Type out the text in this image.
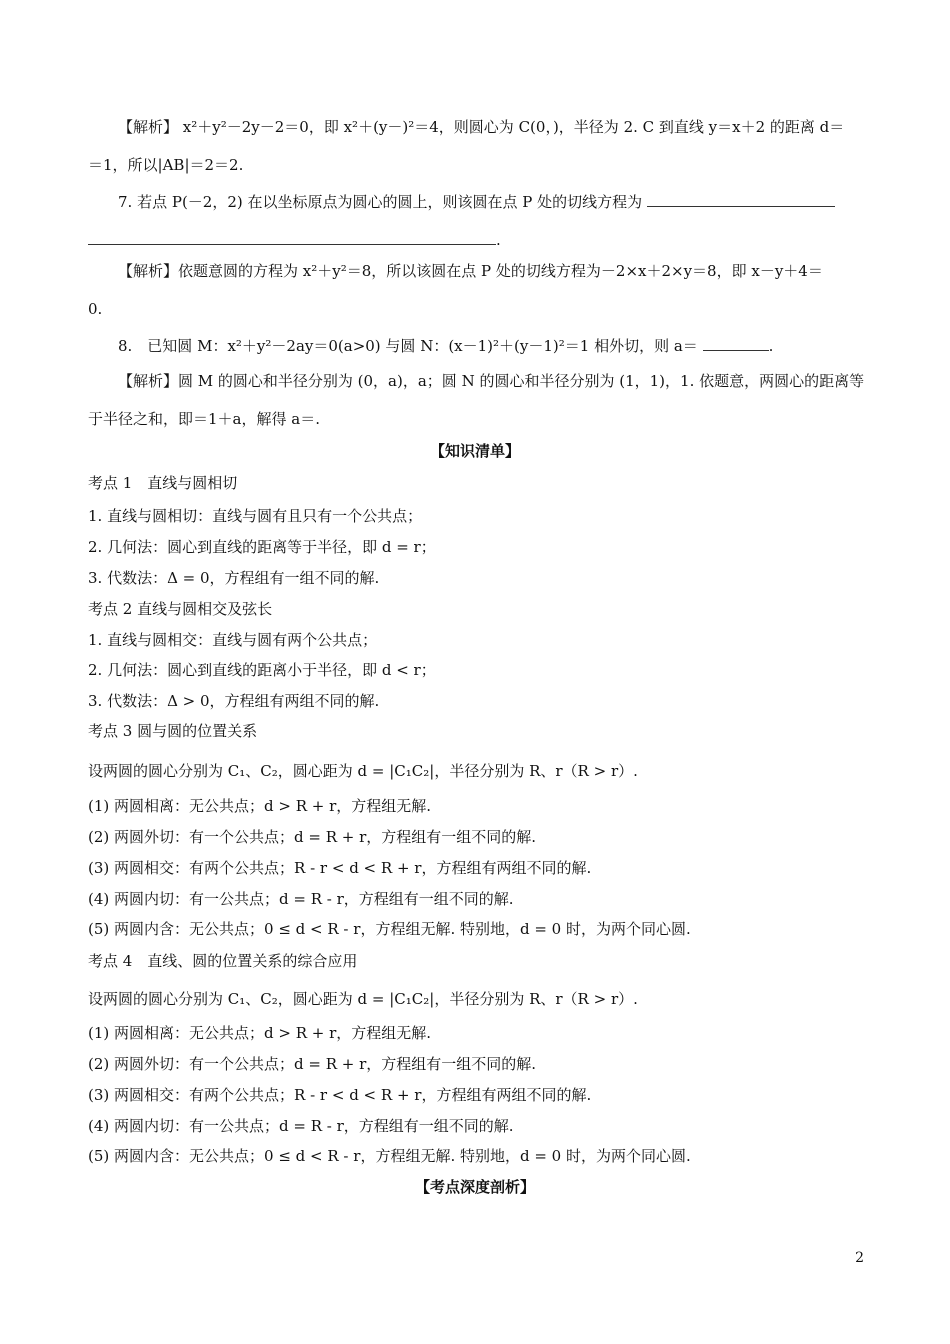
【解析】 x²＋y²－2y－2＝0，即 x²＋(y－)²＝4，则圆心为 C(0，)，半径为 2. C 到直线 y＝x＋2 的距离 d＝
＝1，所以|AB|＝2＝2.
7. 若点 P(－2，2) 在以坐标原点为圆心的圆上，则该圆在点 P 处的切线方程为
.
【解析】依题意圆的方程为 x²＋y²＝8，所以该圆在点 P 处的切线方程为－2×x＋2×y＝8，即 x－y＋4＝
0.
8.　已知圆 M：x²＋y²－2ay＝0(a>0) 与圆 N：(x－1)²＋(y－1)²＝1 相外切，则 a＝	.
【解析】圆 M 的圆心和半径分别为 (0，a)，a；圆 N 的圆心和半径分别为 (1，1)，1. 依题意，两圆心的距离等
于半径之和，即＝1＋a，解得 a＝.
【知识清单】
考点 1　直线与圆相切
1. 直线与圆相切：直线与圆有且只有一个公共点；
2. 几何法：圆心到直线的距离等于半径，即 d = r；
3. 代数法：Δ = 0，方程组有一组不同的解.
考点 2 直线与圆相交及弦长
1. 直线与圆相交：直线与圆有两个公共点；
2. 几何法：圆心到直线的距离小于半径，即 d < r；
3. 代数法：Δ > 0，方程组有两组不同的解.
考点 3 圆与圆的位置关系
设两圆的圆心分别为 C₁、C₂，圆心距为 d = |C₁C₂|，半径分别为 R、r（R > r）.
(1) 两圆相离：无公共点；d > R + r，方程组无解.
(2) 两圆外切：有一个公共点；d = R + r，方程组有一组不同的解.
(3) 两圆相交：有两个公共点；R - r < d < R + r，方程组有两组不同的解.
(4) 两圆内切：有一公共点；d = R - r，方程组有一组不同的解.
(5) 两圆内含：无公共点；0 ≤ d < R - r，方程组无解. 特别地，d = 0 时，为两个同心圆.
考点 4　直线、圆的位置关系的综合应用
设两圆的圆心分别为 C₁、C₂，圆心距为 d = |C₁C₂|，半径分别为 R、r（R > r）.
(1) 两圆相离：无公共点；d > R + r，方程组无解.
(2) 两圆外切：有一个公共点；d = R + r，方程组有一组不同的解.
(3) 两圆相交：有两个公共点；R - r < d < R + r，方程组有两组不同的解.
(4) 两圆内切：有一公共点；d = R - r，方程组有一组不同的解.
(5) 两圆内含：无公共点；0 ≤ d < R - r，方程组无解. 特别地，d = 0 时，为两个同心圆.
【考点深度剖析】
2
